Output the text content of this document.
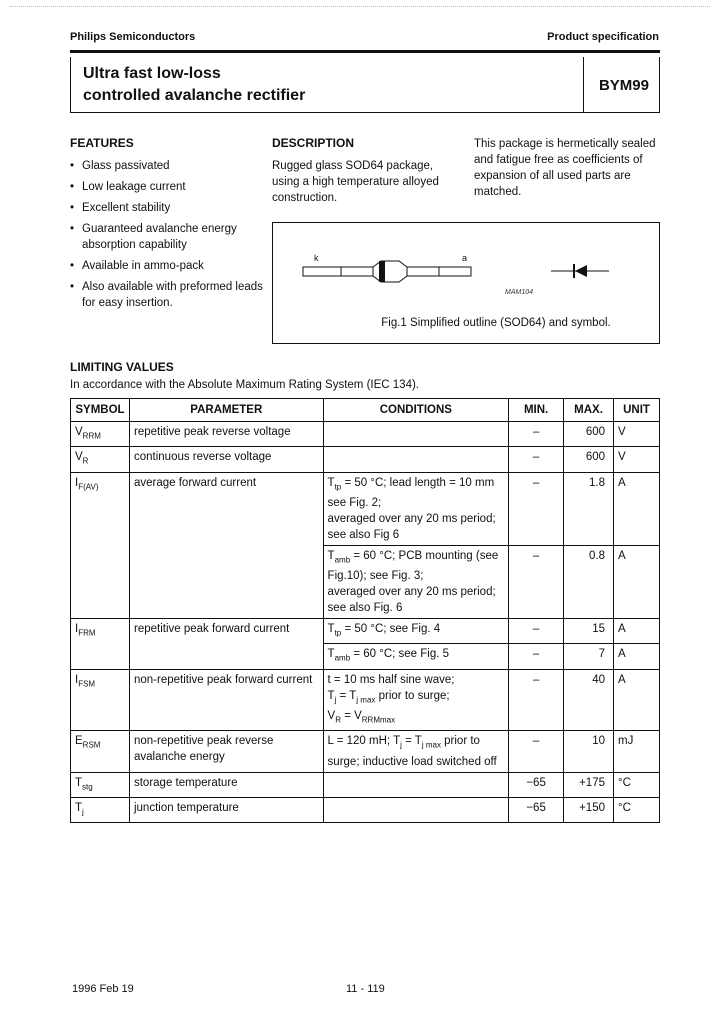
Philips Semiconductors	Product specification
Ultra fast low-loss
controlled avalanche rectifier
BYM99
FEATURES
• Glass passivated
• Low leakage current
• Excellent stability
• Guaranteed avalanche energy absorption capability
• Available in ammo-pack
• Also available with preformed leads for easy insertion.
DESCRIPTION
Rugged glass SOD64 package, using a high temperature alloyed construction.
This package is hermetically sealed and fatigue free as coefficients of expansion of all used parts are matched.
k	a
MAM104
Fig.1 Simplified outline (SOD64) and symbol.
LIMITING VALUES
In accordance with the Absolute Maximum Rating System (IEC 134).
SYMBOL	PARAMETER	CONDITIONS	MIN.	MAX.	UNIT
$V_{RRM}$	repetitive peak reverse voltage		–	600	V
$V_R$	continuous reverse voltage		–	600	V
$I_{F(AV)}$	average forward current	$T_{tp} = 50$ °C; lead length = 10 mm
see Fig. 2;
averaged over any 20 ms period;
see also Fig 6	–	1.8	A

		$T_{amb} = 60$ °C; PCB mounting (see
Fig.10); see Fig. 3;
averaged over any 20 ms period;
see also Fig. 6	–	0.8	A
$I_{FRM}$	repetitive peak forward current	$T_{tp} = 50$ °C; see Fig. 4	–	15	A
		$T_{amb} = 60$ °C; see Fig. 5	–	7	A
$I_{FSM}$	non-repetitive peak forward current	t = 10 ms half sine wave;
$T_j = T_{j max}$ prior to surge;
$V_R = V_{RRMmax}$	–	40	A
$E_{RSM}$	non-repetitive peak reverse avalanche energy	L = 120 mH; $T_j = T_{j max}$ prior to
surge; inductive load switched off	–	10	mJ
$T_{stg}$	storage temperature		−65	+175	°C
$T_j$	junction temperature		−65	+150	°C
1996 Feb 19	11 - 119
